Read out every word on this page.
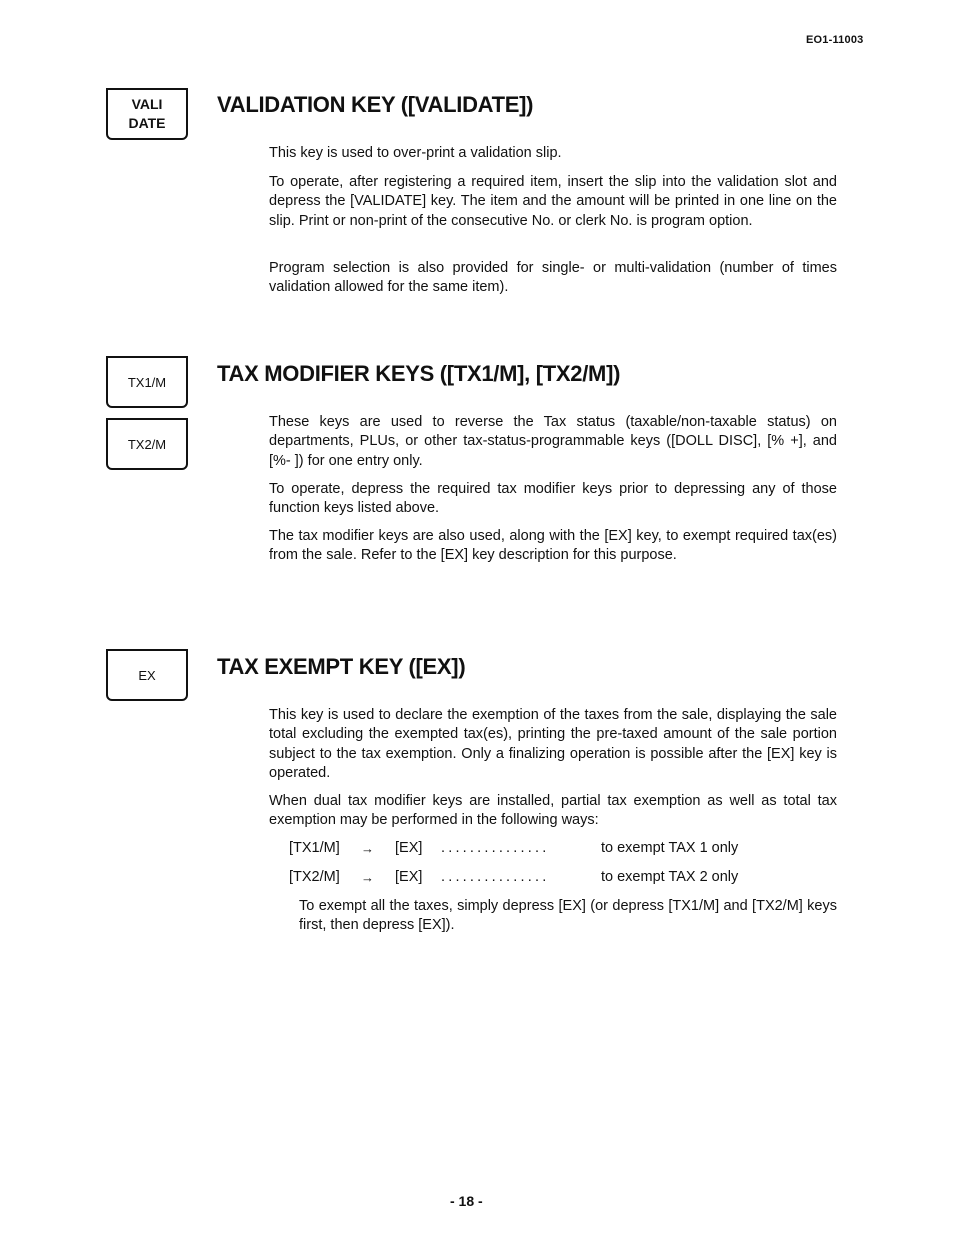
EO1-11003
VALI
DATE
VALIDATION KEY ([VALIDATE])

This key is used to over-print a validation slip.

To operate, after registering a required item, insert the slip into the validation slot and depress the [VALIDATE] key. The item and the amount will be printed in one line on the slip. Print or non-print of the consecutive No. or clerk No. is program option.

Program selection is also provided for single- or multi-validation (number of times validation allowed for the same item).

TX1/M
TX2/M
TAX MODIFIER KEYS ([TX1/M], [TX2/M])

These keys are used to reverse the Tax status (taxable/non-taxable status) on departments, PLUs, or other tax-status-programmable keys ([DOLL DISC], [% +], and [%- ]) for one entry only.

To operate, depress the required tax modifier keys prior to depressing any of those function keys listed above.

The tax modifier keys are also used, along with the [EX] key, to exempt required tax(es) from the sale. Refer to the [EX] key description for this purpose.

EX	TAX EXEMPT KEY ([EX])

This key is used to declare the exemption of the taxes from the sale, displaying the sale total excluding the exempted tax(es), printing the pre-taxed amount of the sale portion subject to the tax exemption. Only a finalizing operation is possible after the [EX] key is operated.

When dual tax modifier keys are installed, partial tax exemption as well as total tax exemption may be performed in the following ways:

[TX1/M] → [EX] ...............	to exempt TAX 1 only
[TX2/M] → [EX] ...............	to exempt TAX 2 only

To exempt all the taxes, simply depress [EX] (or depress [TX1/M] and [TX2/M] keys first, then depress [EX]).

- 18 -
